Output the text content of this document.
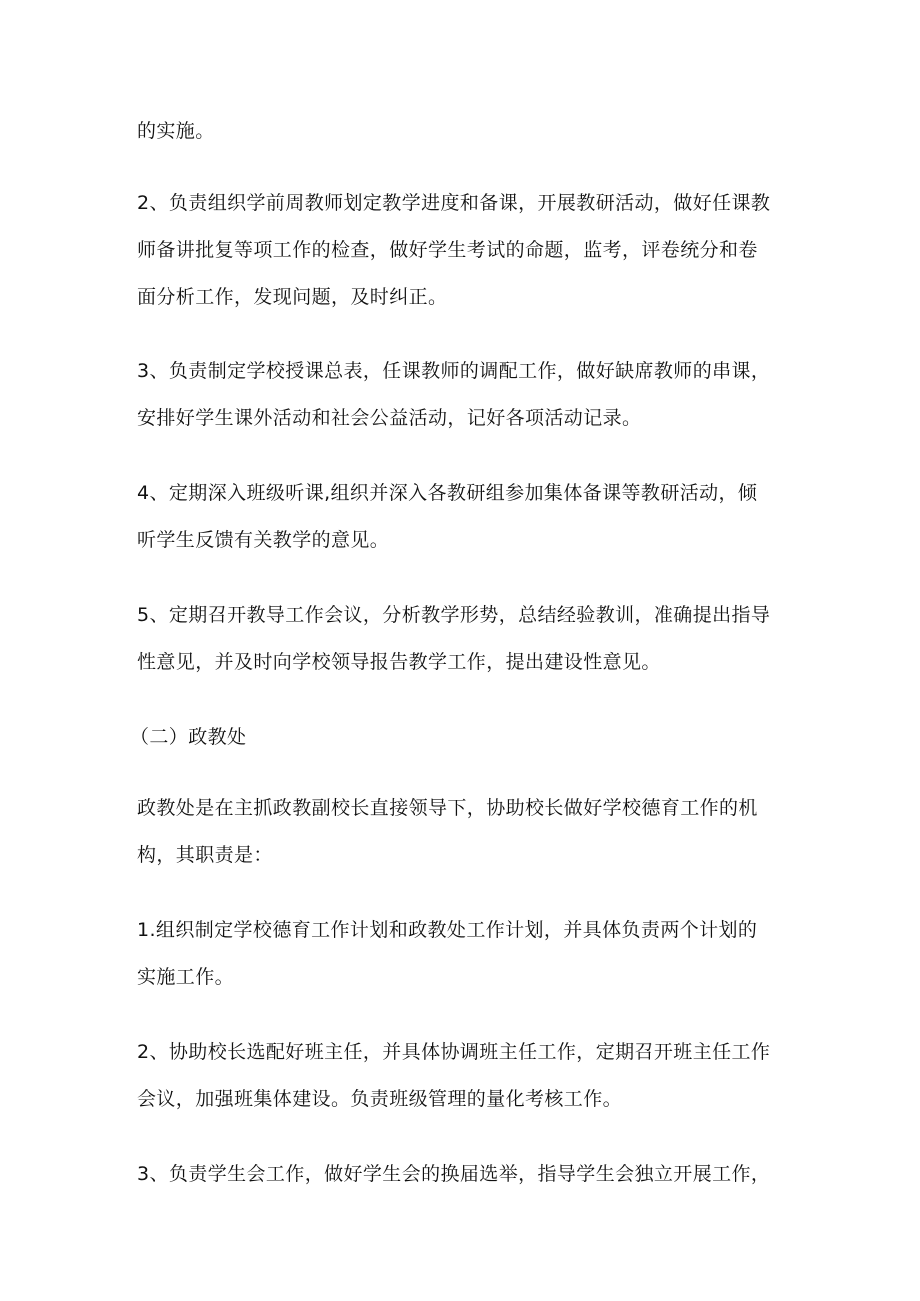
的实施。

2、负责组织学前周教师划定教学进度和备课，开展教研活动，做好任课教
师备讲批复等项工作的检查，做好学生考试的命题，监考，评卷统分和卷
面分析工作，发现问题，及时纠正。

3、负责制定学校授课总表，任课教师的调配工作，做好缺席教师的串课，
安排好学生课外活动和社会公益活动，记好各项活动记录。

4、定期深入班级听课,组织并深入各教研组参加集体备课等教研活动，倾
听学生反馈有关教学的意见。

5、定期召开教导工作会议，分析教学形势，总结经验教训，准确提出指导
性意见，并及时向学校领导报告教学工作，提出建设性意见。

（二）政教处

政教处是在主抓政教副校长直接领导下，协助校长做好学校德育工作的机
构，其职责是：

1.组织制定学校德育工作计划和政教处工作计划，并具体负责两个计划的
实施工作。

2、协助校长选配好班主任，并具体协调班主任工作，定期召开班主任工作
会议，加强班集体建设。负责班级管理的量化考核工作。

3、负责学生会工作，做好学生会的换届选举，指导学生会独立开展工作，
